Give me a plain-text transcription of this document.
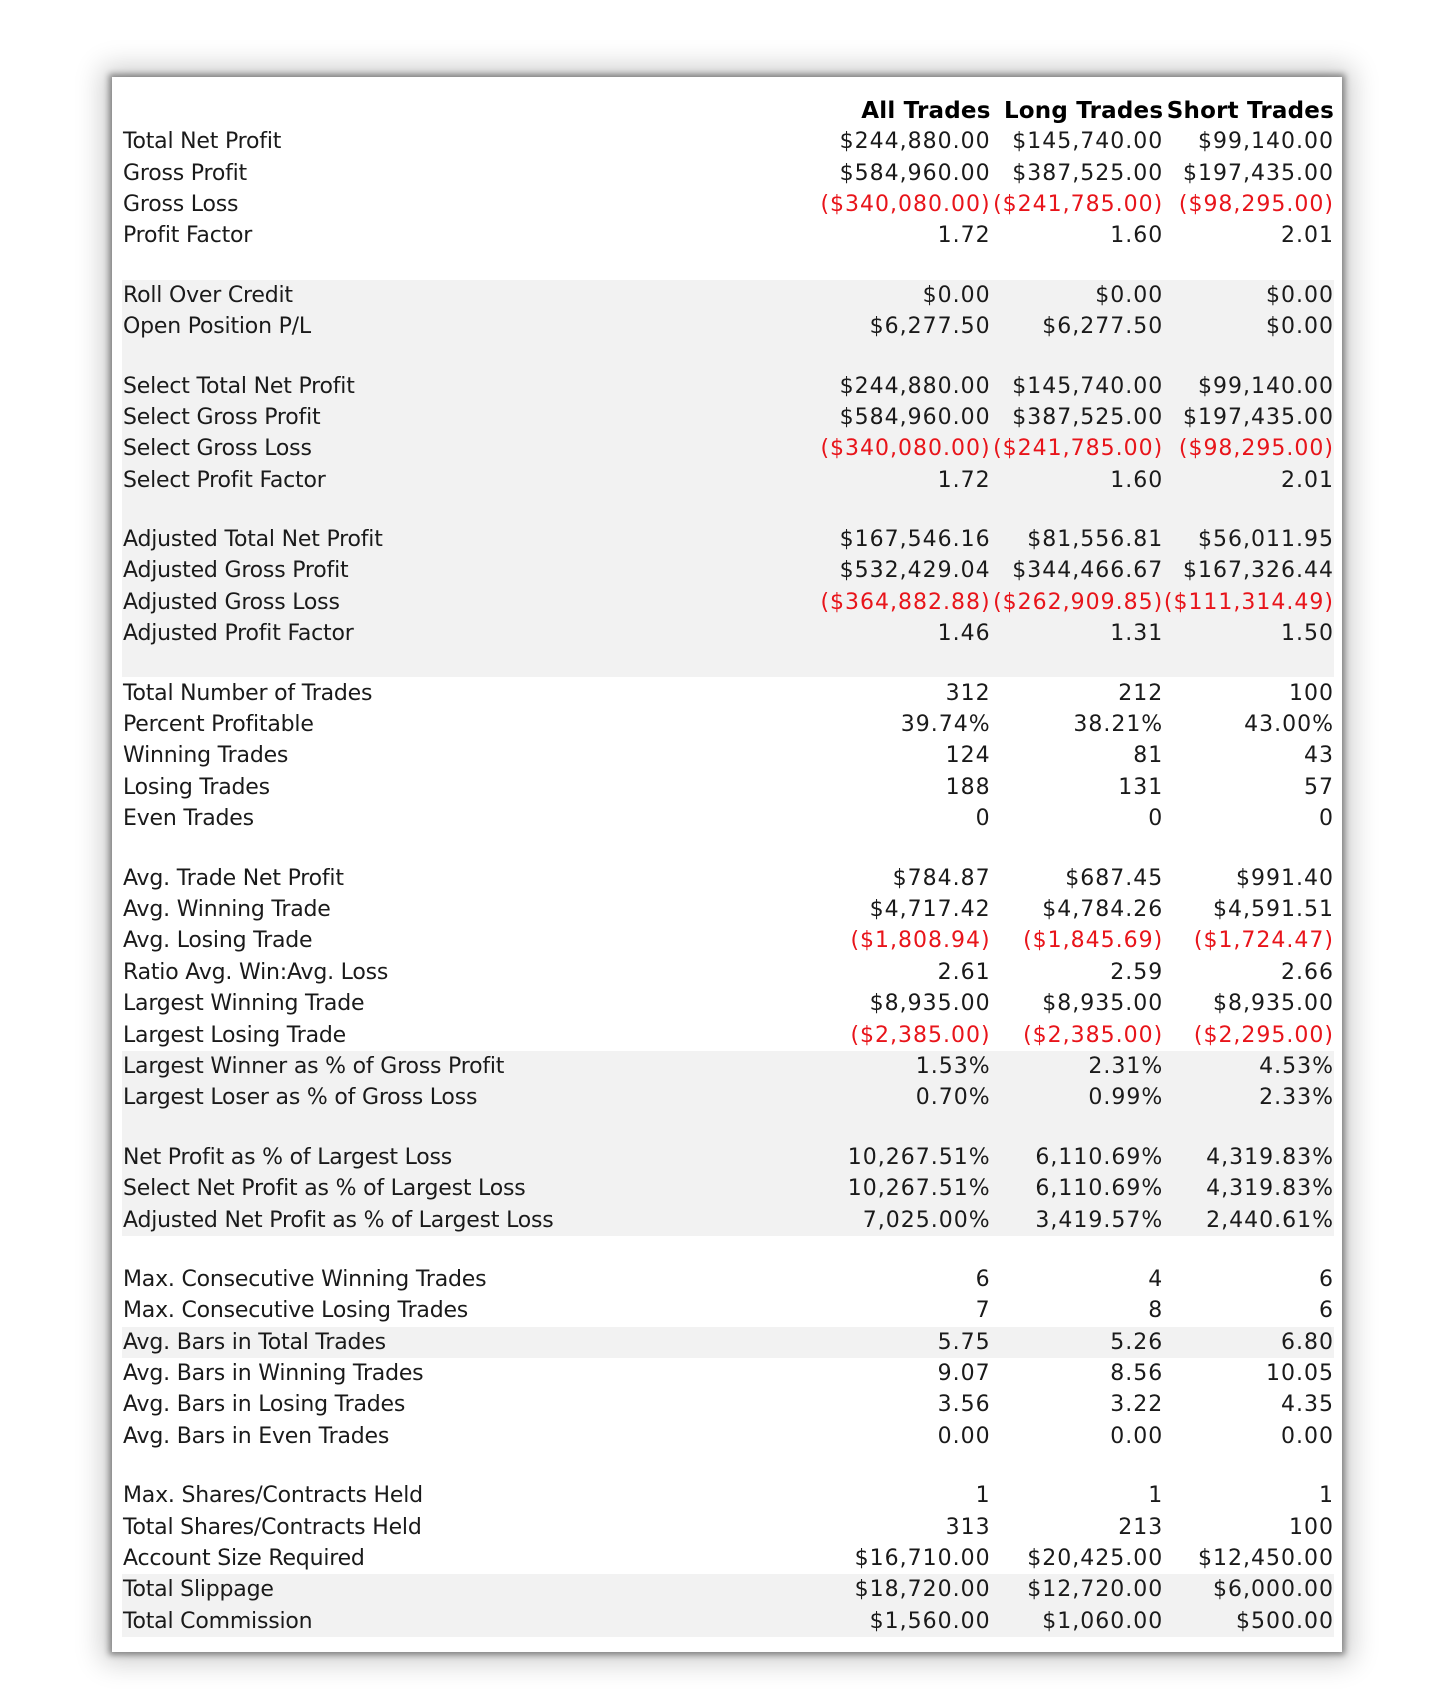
All Trades Long Trades Short Trades
Total Net Profit	$244,880.00 $145,740.00	$99,140.00
Gross Profit	$584,960.00 $387,525.00 $197,435.00
Gross Loss	($340,080.00) ($241,785.00) ($98,295.00)
Profit Factor	1.72	1.60	2.01
Roll Over Credit	$0.00	$0.00	$0.00
Open Position P/L	$6,277.50	$6,277.50	$0.00
Select Total Net Profit	$244,880.00 $145,740.00	$99,140.00
Select Gross Profit	$584,960.00 $387,525.00 $197,435.00
Select Gross Loss	($340,080.00) ($241,785.00) ($98,295.00)
Select Profit Factor	1.72	1.60	2.01
Adjusted Total Net Profit	$167,546.16	$81,556.81	$56,011.95
Adjusted Gross Profit	$532,429.04 $344,466.67 $167,326.44
Adjusted Gross Loss	($364,882.88) ($262,909.85) ($111,314.49)
Adjusted Profit Factor	1.46	1.31	1.50
Total Number of Trades	312	212	100
Percent Profitable	39.74%	38.21%	43.00%
Winning Trades	124	81	43
Losing Trades	188	131	57
Even Trades	0	0	0
Avg. Trade Net Profit	$784.87	$687.45	$991.40
Avg. Winning Trade	$4,717.42	$4,784.26	$4,591.51
Avg. Losing Trade	($1,808.94)	($1,845.69)	($1,724.47)
Ratio Avg. Win:Avg. Loss	2.61	2.59	2.66
Largest Winning Trade	$8,935.00	$8,935.00	$8,935.00
Largest Losing Trade	($2,385.00)	($2,385.00)	($2,295.00)
Largest Winner as % of Gross Profit	1.53%	2.31%	4.53%
Largest Loser as % of Gross Loss	0.70%	0.99%	2.33%
Net Profit as % of Largest Loss	10,267.51%	6,110.69%	4,319.83%
Select Net Profit as % of Largest Loss	10,267.51%	6,110.69%	4,319.83%
Adjusted Net Profit as % of Largest Loss	7,025.00%	3,419.57%	2,440.61%
Max. Consecutive Winning Trades	6	4	6
Max. Consecutive Losing Trades	7	8	6
Avg. Bars in Total Trades	5.75	5.26	6.80
Avg. Bars in Winning Trades	9.07	8.56	10.05
Avg. Bars in Losing Trades	3.56	3.22	4.35
Avg. Bars in Even Trades	0.00	0.00	0.00
Max. Shares/Contracts Held	1	1	1
Total Shares/Contracts Held	313	213	100
Account Size Required	$16,710.00	$20,425.00	$12,450.00
Total Slippage	$18,720.00	$12,720.00	$6,000.00
Total Commission	$1,560.00	$1,060.00	$500.00
